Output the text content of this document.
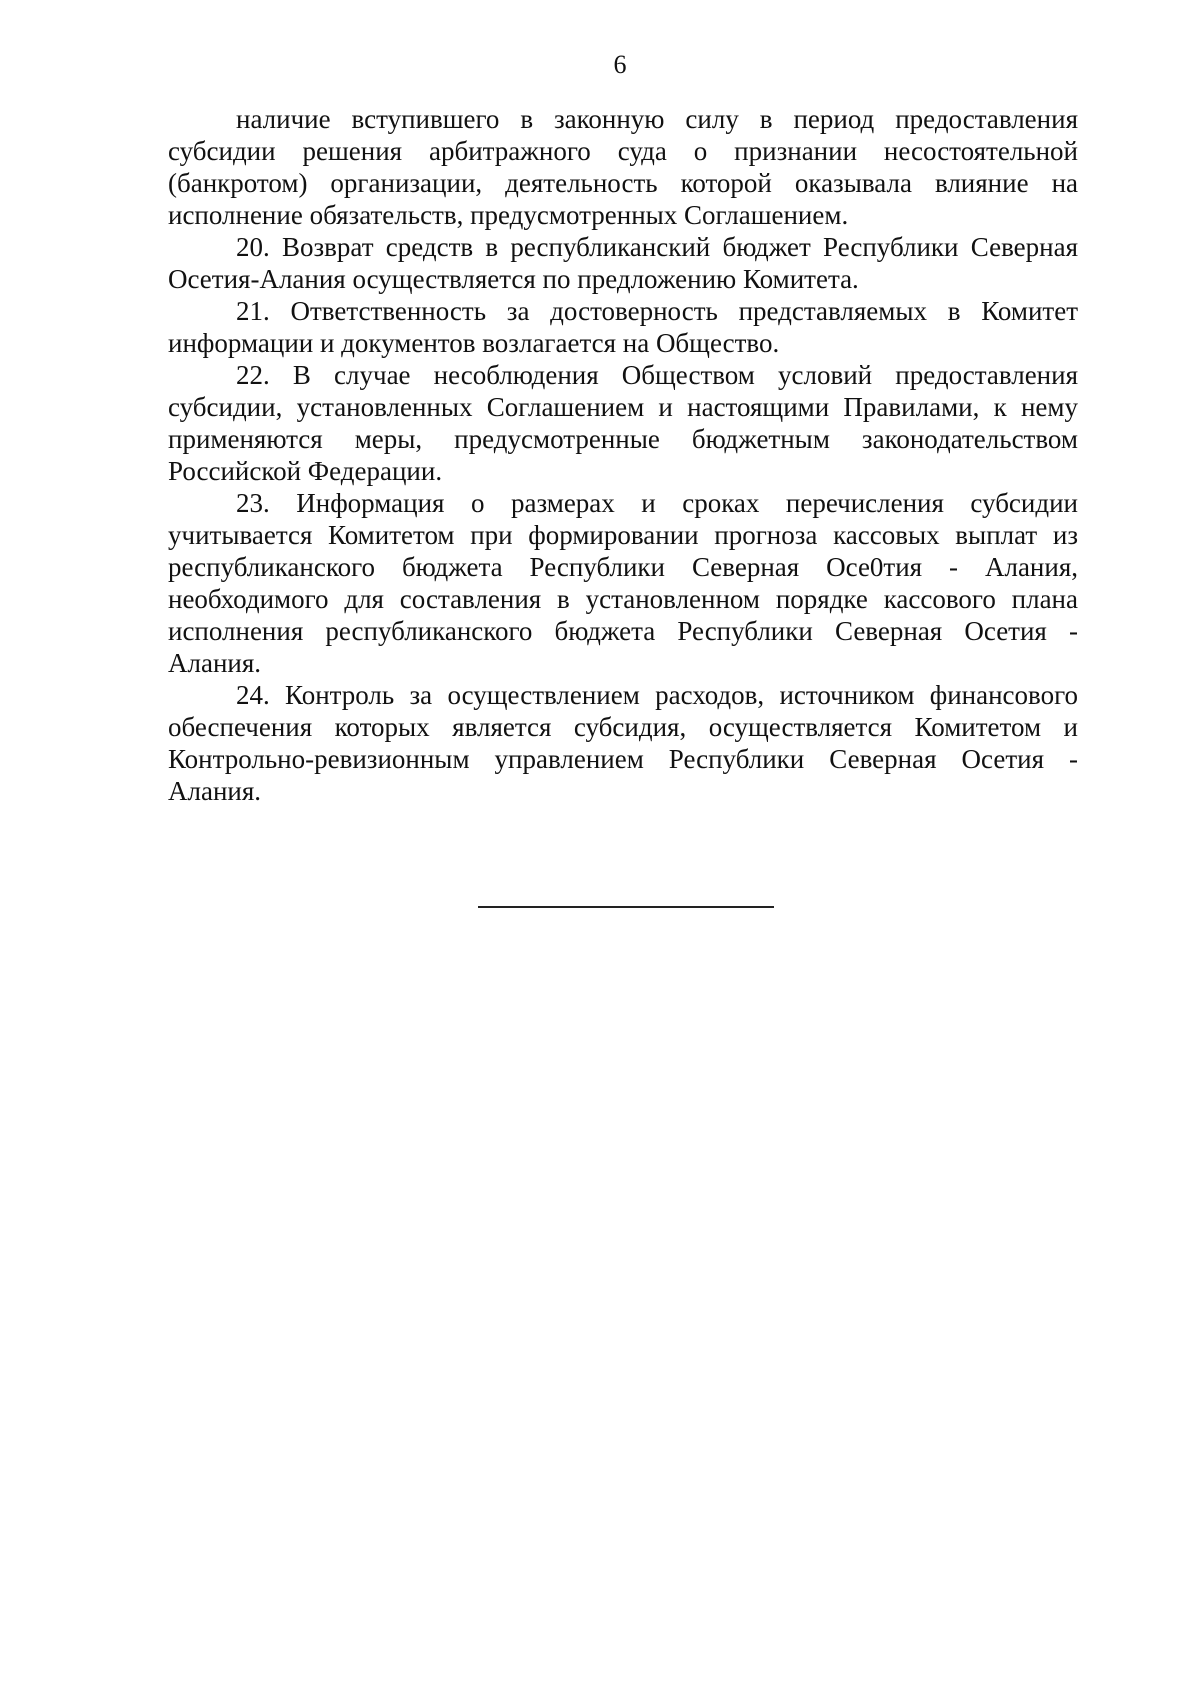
6

наличие вступившего в законную силу в период предоставления субсидии решения арбитражного суда о признании несостоятельной (банкротом) организации, деятельность которой оказывала влияние на исполнение обязательств, предусмотренных Соглашением.

20. Возврат средств в республиканский бюджет Республики Северная Осетия-Алания осуществляется по предложению Комитета.

21. Ответственность за достоверность представляемых в Комитет информации и документов возлагается на Общество.

22. В случае несоблюдения Обществом условий предоставления субсидии, установленных Соглашением и настоящими Правилами, к нему применяются меры, предусмотренные бюджетным законодательством Российской Федерации.

23. Информация о размерах и сроках перечисления субсидии учитывается Комитетом при формировании прогноза кассовых выплат из республиканского бюджета Республики Северная Осе0тия - Алания, необходимого для составления в установленном порядке кассового плана исполнения республиканского бюджета Республики Северная Осетия - Алания.

24. Контроль за осуществлением расходов, источником финансового обеспечения которых является субсидия, осуществляется Комитетом и Контрольно-ревизионным управлением Республики Северная Осетия - Алания.
